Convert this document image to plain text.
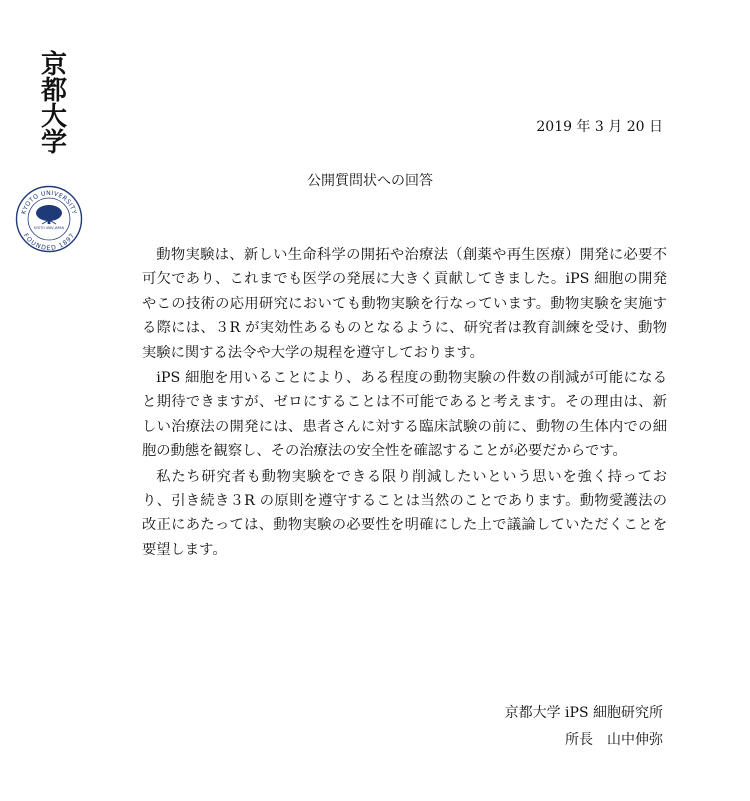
京
都
大
学
KYOTO UNIVERSITY
FOUNDED 1897
KYOTO UNIV JAPAN
2019 年 3 月 20 日
公開質問状への回答

動物実験は、新しい生命科学の開拓や治療法（創薬や再生医療）開発に必要不可欠であり、これまでも医学の発展に大きく貢献してきました。iPS 細胞の開発やこの技術の応用研究においても動物実験を行なっています。動物実験を実施する際には、３R が実効性あるものとなるように、研究者は教育訓練を受け、動物実験に関する法令や大学の規程を遵守しております。

iPS 細胞を用いることにより、ある程度の動物実験の件数の削減が可能になると期待できますが、ゼロにすることは不可能であると考えます。その理由は、新しい治療法の開発には、患者さんに対する臨床試験の前に、動物の生体内での細胞の動態を観察し、その治療法の安全性を確認することが必要だからです。

私たち研究者も動物実験をできる限り削減したいという思いを強く持っており、引き続き３R の原則を遵守することは当然のことであります。動物愛護法の改正にあたっては、動物実験の必要性を明確にした上で議論していただくことを要望します。

京都大学 iPS 細胞研究所
所長　山中伸弥
